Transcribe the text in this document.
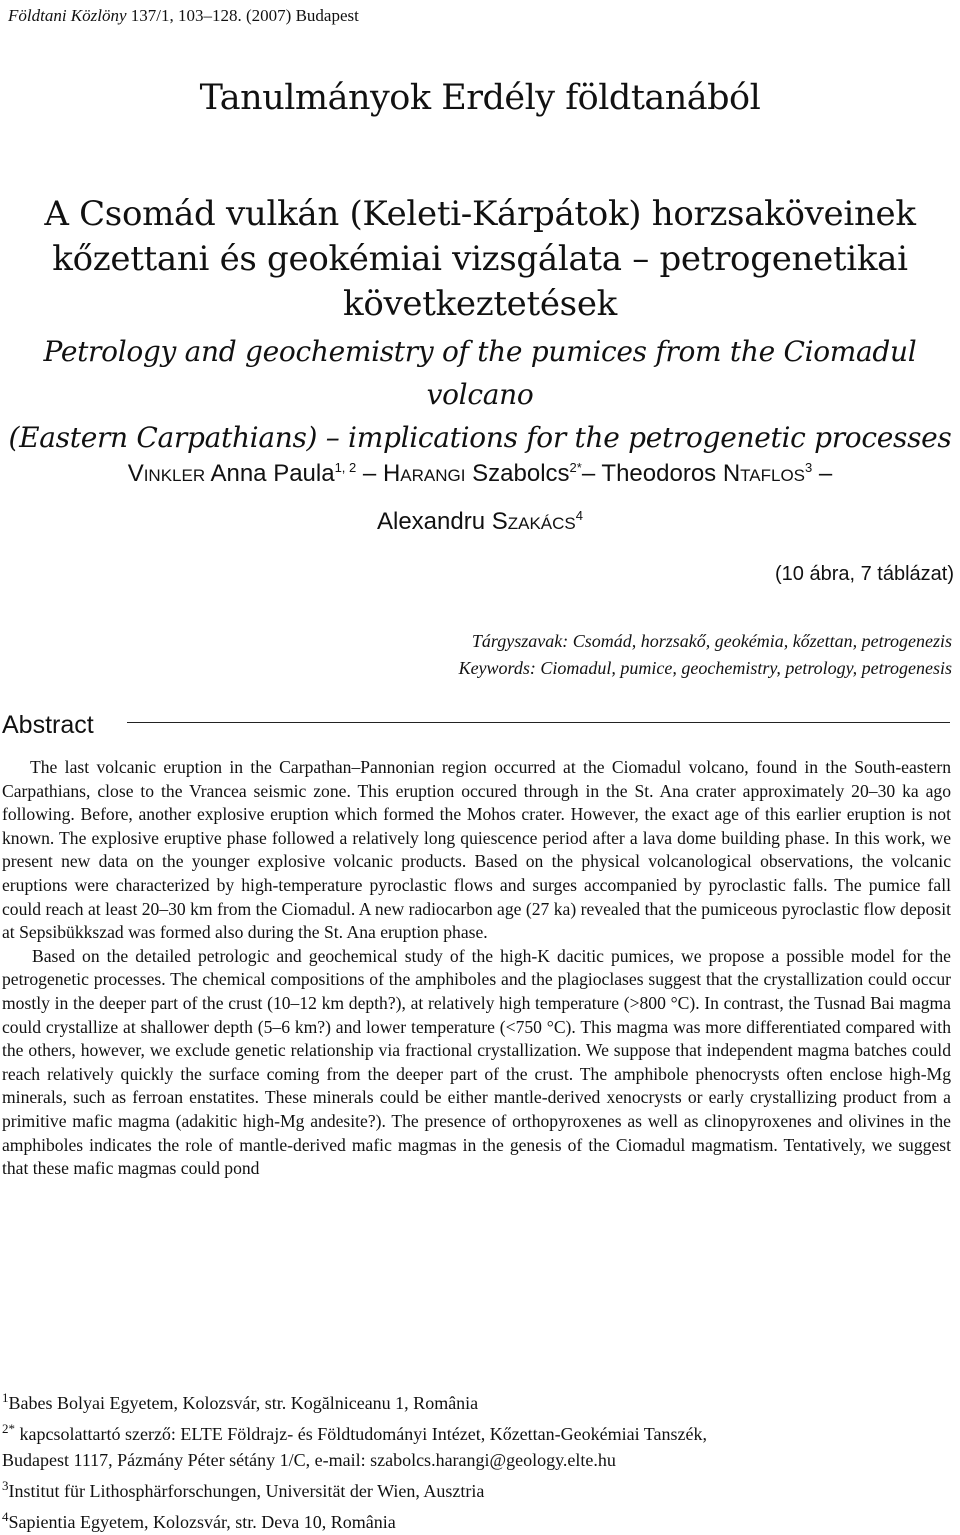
Földtani Közlöny 137/1, 103–128. (2007) Budapest
Tanulmányok Erdély földtanából
A Csomád vulkán (Keleti-Kárpátok) horzsaköveinek
kőzettani és geokémiai vizsgálata – petrogenetikai
következtetések
Petrology and geochemistry of the pumices from the Ciomadul volcano
(Eastern Carpathians) – implications for the petrogenetic processes
Vinkler Anna Paula$^{1, 2}$ – Harangi Szabolcs$^{2*}$– Theodoros Ntaflos$^3$ –
Alexandru Szakács$^4$
(10 ábra, 7 táblázat)
Tárgyszavak: Csomád, horzsakő, geokémia, kőzettan, petrogenezis
Keywords: Ciomadul, pumice, geochemistry, petrology, petrogenesis
Abstract

The last volcanic eruption in the Carpathan–Pannonian region occurred at the Ciomadul volcano, found in the South-eastern Carpathians, close to the Vrancea seismic zone. This eruption occured through in the St. Ana crater approximately 20–30 ka ago following. Before, another explosive eruption which formed the Mohos crater. However, the exact age of this earlier eruption is not known. The explosive eruptive phase followed a relatively long quiescence period after a lava dome building phase. In this work, we present new data on the younger explosive volcanic products. Based on the physical volcanological observations, the volcanic eruptions were characterized by high-temperature pyroclastic flows and surges accompanied by pyroclastic falls. The pumice fall could reach at least 20–30 km from the Ciomadul. A new radiocarbon age (27 ka) revealed that the pumiceous pyroclastic flow deposit at Sepsibükkszad was formed also during the St. Ana eruption phase.

Based on the detailed petrologic and geochemical study of the high-K dacitic pumices, we propose a possible model for the petrogenetic processes. The chemical compositions of the amphiboles and the plagioclases suggest that the crystallization could occur mostly in the deeper part of the crust (10–12 km depth?), at relatively high temperature (>800 °C). In contrast, the Tusnad Bai magma could crystallize at shallower depth (5–6 km?) and lower temperature (<750 °C). This magma was more differentiated compared with the others, however, we exclude genetic relationship via fractional crystallization. We suppose that independent magma batches could reach relatively quickly the surface coming from the deeper part of the crust. The amphibole phenocrysts often enclose high-Mg minerals, such as ferroan enstatites. These minerals could be either mantle-derived xenocrysts or early crystallizing product from a primitive mafic magma (adakitic high-Mg andesite?). The presence of orthopyroxenes as well as clinopyroxenes and olivines in the amphiboles indicates the role of mantle-derived mafic magmas in the genesis of the Ciomadul magmatism. Tentatively, we suggest that these mafic magmas could pond

$^1$Babes Bolyai Egyetem, Kolozsvár, str. Kogălniceanu 1, România
$^{2*}$ kapcsolattartó szerző: ELTE Földrajz- és Földtudományi Intézet, Kőzettan-Geokémiai Tanszék,
Budapest 1117, Pázmány Péter sétány 1/C, e-mail: szabolcs.harangi@geology.elte.hu
$^3$Institut für Lithosphärforschungen, Universität der Wien, Ausztria
$^4$Sapientia Egyetem, Kolozsvár, str. Deva 10, România
